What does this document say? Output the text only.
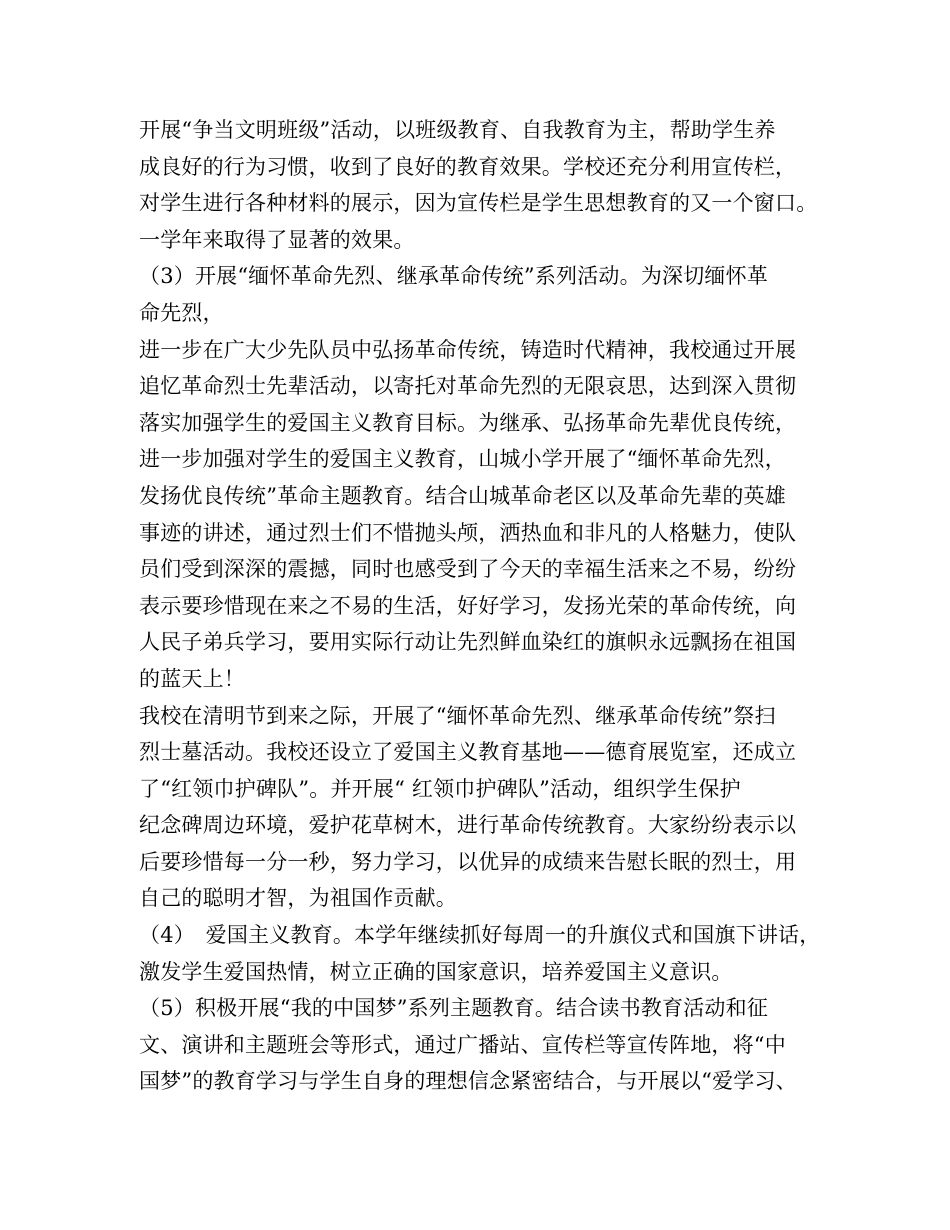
开展“争当文明班级”活动，以班级教育、自我教育为主，帮助学生养
成良好的行为习惯，收到了良好的教育效果。学校还充分利用宣传栏，
对学生进行各种材料的展示，因为宣传栏是学生思想教育的又一个窗口。
一学年来取得了显著的效果。
（3）开展“缅怀革命先烈、继承革命传统”系列活动。为深切缅怀革
命先烈，
进一步在广大少先队员中弘扬革命传统，铸造时代精神，我校通过开展
追忆革命烈士先辈活动，以寄托对革命先烈的无限哀思，达到深入贯彻
落实加强学生的爱国主义教育目标。为继承、弘扬革命先辈优良传统，
进一步加强对学生的爱国主义教育，山城小学开展了“缅怀革命先烈，
发扬优良传统”革命主题教育。结合山城革命老区以及革命先辈的英雄
事迹的讲述，通过烈士们不惜抛头颅，洒热血和非凡的人格魅力，使队
员们受到深深的震撼，同时也感受到了今天的幸福生活来之不易，纷纷
表示要珍惜现在来之不易的生活，好好学习，发扬光荣的革命传统，向
人民子弟兵学习，要用实际行动让先烈鲜血染红的旗帜永远飘扬在祖国
的蓝天上！
我校在清明节到来之际，开展了“缅怀革命先烈、继承革命传统”祭扫
烈士墓活动。我校还设立了爱国主义教育基地——德育展览室，还成立
了“红领巾护碑队”。并开展“ 红领巾护碑队”活动，组织学生保护
纪念碑周边环境，爱护花草树木，进行革命传统教育。大家纷纷表示以
后要珍惜每一分一秒，努力学习，以优异的成绩来告慰长眠的烈士，用
自己的聪明才智，为祖国作贡献。
（4）　爱国主义教育。本学年继续抓好每周一的升旗仪式和国旗下讲话，
激发学生爱国热情，树立正确的国家意识，培养爱国主义意识。
（5）积极开展“我的中国梦”系列主题教育。结合读书教育活动和征
文、演讲和主题班会等形式，通过广播站、宣传栏等宣传阵地，将“中
国梦”的教育学习与学生自身的理想信念紧密结合，与开展以“爱学习、
